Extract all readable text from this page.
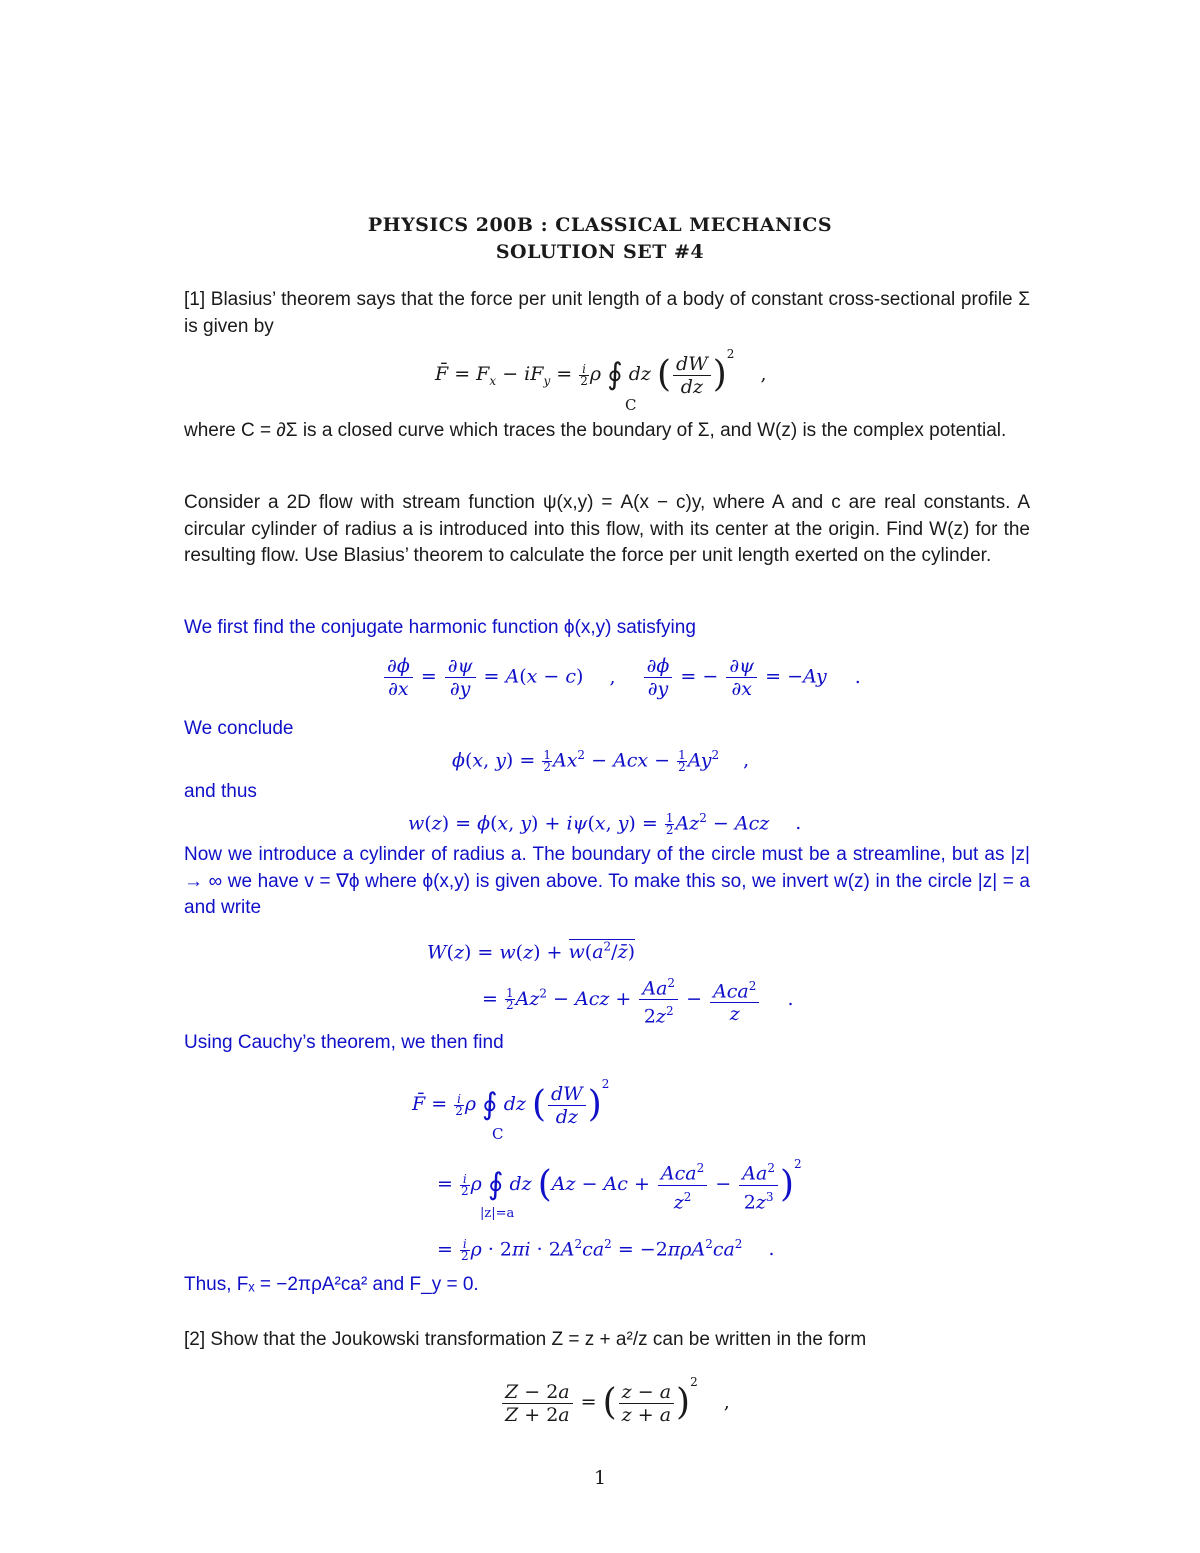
PHYSICS 200B : CLASSICAL MECHANICS
SOLUTION SET #4
[1] Blasius’ theorem says that the force per unit length of a body of constant cross-sectional profile Σ is given by
F̄ = $F_x - iF_y = \frac{i}{2}$ ρ ∮ dz ( $\frac{dW}{dz} )^2$ ,
C
where C = ∂Σ is a closed curve which traces the boundary of Σ, and W(z) is the complex potential.
Consider a 2D flow with stream function ψ(x,y) = A(x − c)y, where A and c are real constants. A circular cylinder of radius a is introduced into this flow, with its center at the origin. Find W(z) for the resulting flow. Use Blasius’ theorem to calculate the force per unit length exerted on the cylinder.
We first find the conjugate harmonic function ϕ(x,y) satisfying
$\frac{\partial\phi}{\partial x} = \frac{\partial\psi}{\partial y} = A(x - c)$ , $\frac{\partial\phi}{\partial y}$ = − $\frac{\partial\psi}{\partial x} = -Ay$ .
We conclude
ϕ(x, $y) = \frac{1}{2} Ax^2$ − Acx − $\frac{1}{2} Ay^2$ ,
and thus
w(z) = ϕ(x, y) + iψ(x, $y) = \frac{1}{2} Az^2$ − Acz .
Now we introduce a cylinder of radius a. The boundary of the circle must be a streamline, but as |z| → ∞ we have v = ∇ϕ where ϕ(x,y) is given above. To make this so, we invert w(z) in the circle |z| = a and write
$W(z) = w(z) + w(a^2/z̄)$
= $\frac{1}{2} Az^2$ − Acz + $\frac{Aa^2}{2z^2} - \frac{Aca^2}{z}$ .
Using Cauchy’s theorem, we then find
F̄ = $\frac{i}{2}$ ρ ∮ dz ( $\frac{dW}{dz} )^2$
C
= $\frac{i}{2}$ ρ ∮ dz $(Az - Ac + \frac{Aca^2}{z^2} - \frac{Aa^2}{2z^3} )^2$
|z|=a
= $\frac{i}{2}$ $\rho \cdot 2\pi i \cdot 2A^2ca^2 = -2\pi\rho A^2ca^2$ .
Thus, Fₓ = −2πρA²ca² and F_y = 0.
[2] Show that the Joukowski transformation Z = z + a²/z can be written in the form
$\frac{Z - 2a}{Z + 2a}$ = ( $\frac{z - a}{z + a} )^2$ ,
1
